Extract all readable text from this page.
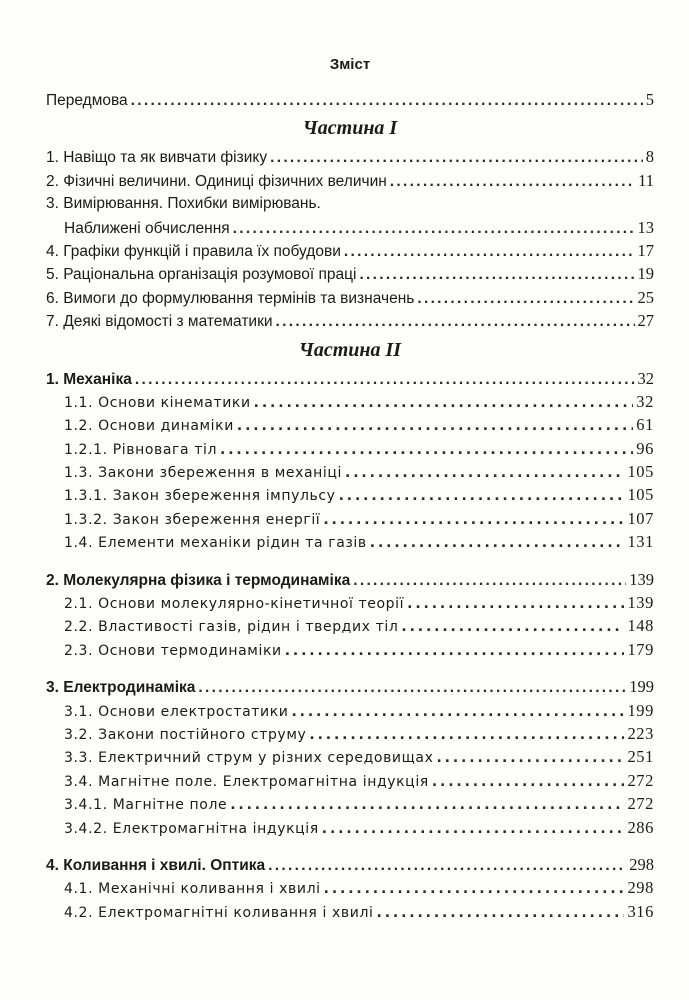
Зміст
Передмова . . .	5
Частина І
1. Навіщо та як вивчати фізику . . .	8
2. Фізичні величини. Одиниці фізичних величин . . .	11
3. Вимірювання. Похибки вимірювань.
Наближені обчислення . . .	13
4. Графіки функцій і правила їх побудови . . .	17
5. Раціональна організація розумової праці . . .	19
6. Вимоги до формулювання термінів та визначень . . .	25
7. Деякі відомості з математики . . .	27
Частина ІІ
1. Механіка . . .	32
1.1. Основи кінематики . . .	32
1.2. Основи динаміки . . .	61
1.2.1. Рівновага тіл . . .	96
1.3. Закони збереження в механіці . . .	105
1.3.1. Закон збереження імпульсу . . .	105
1.3.2. Закон збереження енергії . . .	107
1.4. Елементи механіки рідин та газів . . .	131
2. Молекулярна фізика і термодинаміка . . .	139
2.1. Основи молекулярно-кінетичної теорії . . .	139
2.2. Властивості газів, рідин і твердих тіл . . .	148
2.3. Основи термодинаміки . . .	179
3. Електродинаміка . . .	199
3.1. Основи електростатики . . .	199
3.2. Закони постійного струму . . .	223
3.3. Електричний струм у різних середовищах . . .	251
3.4. Магнітне поле. Електромагнітна індукція . . .	272
3.4.1. Магнітне поле . . .	272
3.4.2. Електромагнітна індукція . . .	286
4. Коливання і хвилі. Оптика . . .	298
4.1. Механічні коливання і хвилі . . .	298
4.2. Електромагнітні коливання і хвилі . . .	316
